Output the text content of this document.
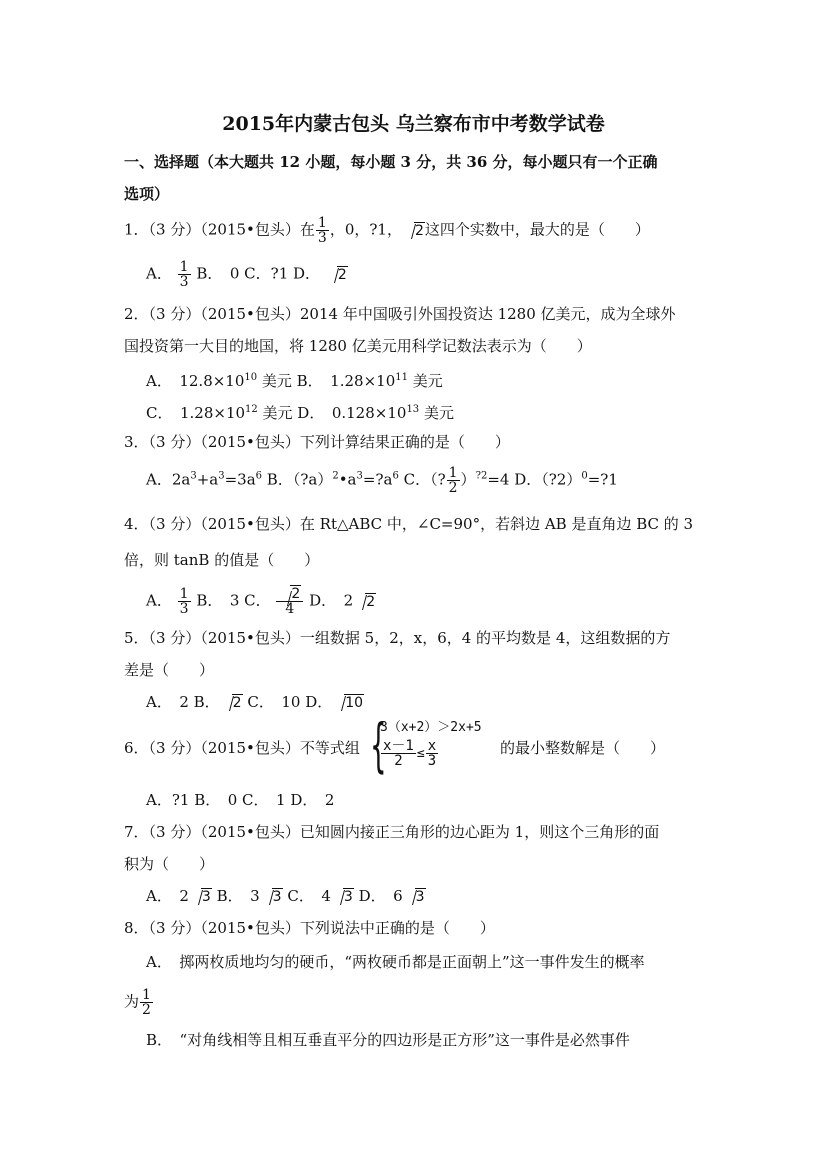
2015年内蒙古包头 乌兰察布市中考数学试卷
一、选择题（本大题共 12 小题，每小题 3 分，共 36 分，每小题只有一个正确
选项）
1．（3 分）（2015•包头）在 $\frac{1}{3}$ ，0，?1， 2这四个实数中，最大的是（　　）
A． $\frac{1}{3}$ B．　0 C．?1 D． 2
2．（3 分）（2015•包头）2014 年中国吸引外国投资达 1280 亿美元，成为全球外
国投资第一大目的地国，将 1280 亿美元用科学记数法表示为（　　）
A．　$12.8\times 10^{10}$ 美元 B．　$1.28\times 10^{11}$ 美元
C．　$1.28\times 10^{12}$ 美元 D．　$0.128\times 10^{13}$ 美元
3．（3 分）（2015•包头）下列计算结果正确的是（　　）
A．$2a^3+a^3=3a^6$ B．$(?a)^2•a^3=?a^6$ C．（? $\frac{1}{2} )^{?2}=4$ D．（?2）$^0$=?1
4．（3 分）（2015•包头）在 Rt△ABC 中，∠C=90°，若斜边 AB 是直角边 BC 的 3
倍，则 tanB 的值是（　　）
A． $\frac{1}{3}$ B．　3 C． $\frac{2}{4}$ D．　2 2
5．（3 分）（2015•包头）一组数据 5，2，x，6，4 的平均数是 4，这组数据的方
差是（　　）
A．　2 B． 2 C．　10 D． 10
6．（3 分）（2015•包头）不等式组 {
3（x+2）＞2x+5
$\frac{x-1}{2} \le \frac{x}{3}$	的最小整数解是（　　）
A．?1 B．　0 C．　1 D．　2
7．（3 分）（2015•包头）已知圆内接正三角形的边心距为 1，则这个三角形的面
积为（　　）
A．　2 3 B．　3 3 C．　4 3 D．　6 3
8．（3 分）（2015•包头）下列说法中正确的是（　　）
A．　掷两枚质地均匀的硬币，“两枚硬币都是正面朝上”这一事件发生的概率
为 $\frac{1}{2}$
B．　“对角线相等且相互垂直平分的四边形是正方形”这一事件是必然事件
